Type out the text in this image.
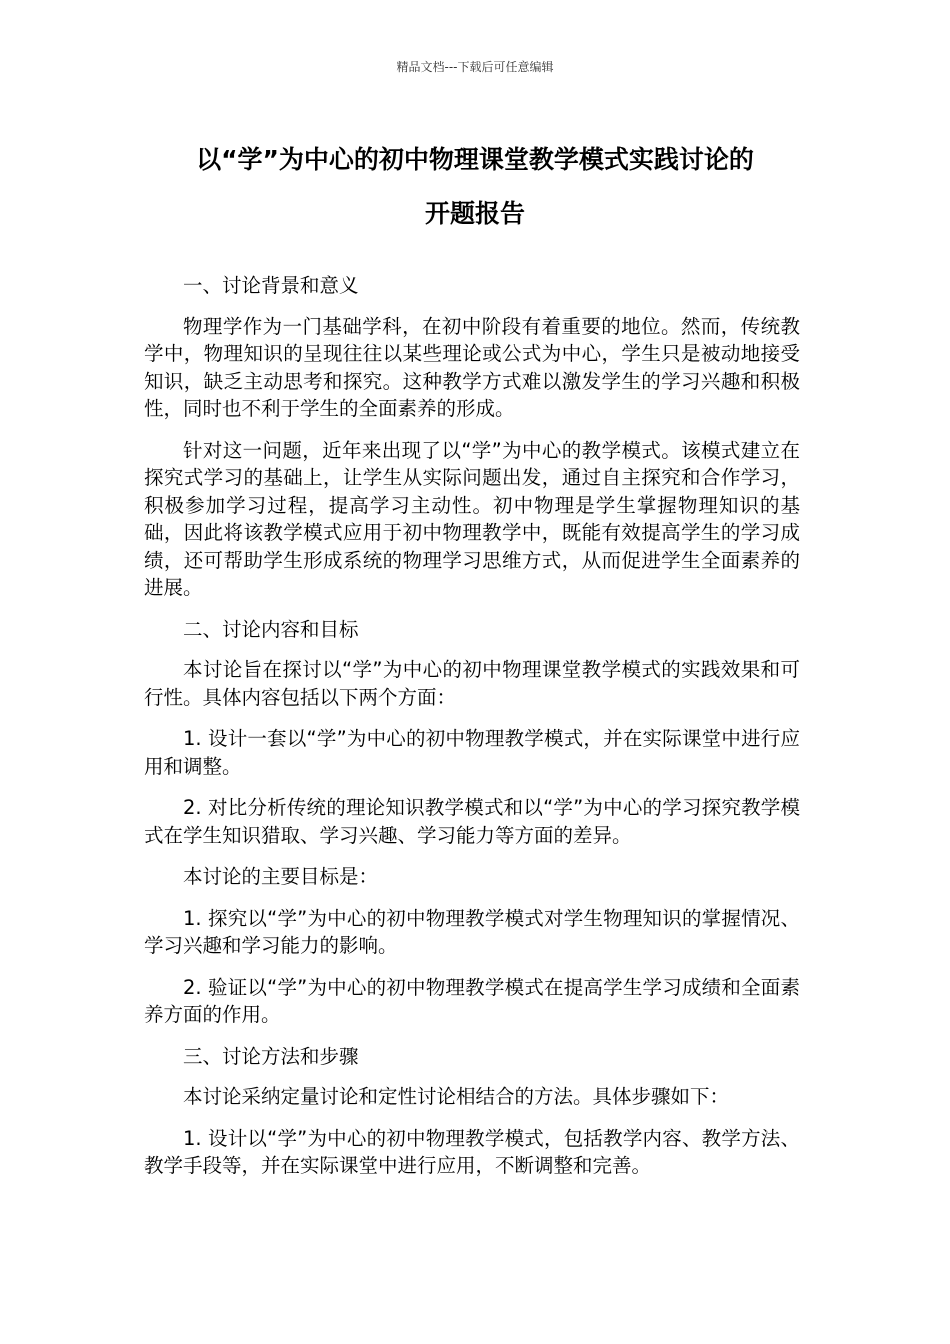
精品文档---下载后可任意编辑
以“学”为中心的初中物理课堂教学模式实践讨论的
开题报告

一、讨论背景和意义

物理学作为一门基础学科，在初中阶段有着重要的地位。然而，传统教学中，物理知识的呈现往往以某些理论或公式为中心，学生只是被动地接受知识，缺乏主动思考和探究。这种教学方式难以激发学生的学习兴趣和积极性，同时也不利于学生的全面素养的形成。

针对这一问题，近年来出现了以“学”为中心的教学模式。该模式建立在探究式学习的基础上，让学生从实际问题出发，通过自主探究和合作学习，积极参加学习过程，提高学习主动性。初中物理是学生掌握物理知识的基础，因此将该教学模式应用于初中物理教学中，既能有效提高学生的学习成绩，还可帮助学生形成系统的物理学习思维方式，从而促进学生全面素养的进展。

二、讨论内容和目标

本讨论旨在探讨以“学”为中心的初中物理课堂教学模式的实践效果和可行性。具体内容包括以下两个方面：

1. 设计一套以“学”为中心的初中物理教学模式，并在实际课堂中进行应用和调整。

2. 对比分析传统的理论知识教学模式和以“学”为中心的学习探究教学模式在学生知识猎取、学习兴趣、学习能力等方面的差异。

本讨论的主要目标是：

1. 探究以“学”为中心的初中物理教学模式对学生物理知识的掌握情况、学习兴趣和学习能力的影响。

2. 验证以“学”为中心的初中物理教学模式在提高学生学习成绩和全面素养方面的作用。

三、讨论方法和步骤

本讨论采纳定量讨论和定性讨论相结合的方法。具体步骤如下：

1. 设计以“学”为中心的初中物理教学模式，包括教学内容、教学方法、教学手段等，并在实际课堂中进行应用，不断调整和完善。
